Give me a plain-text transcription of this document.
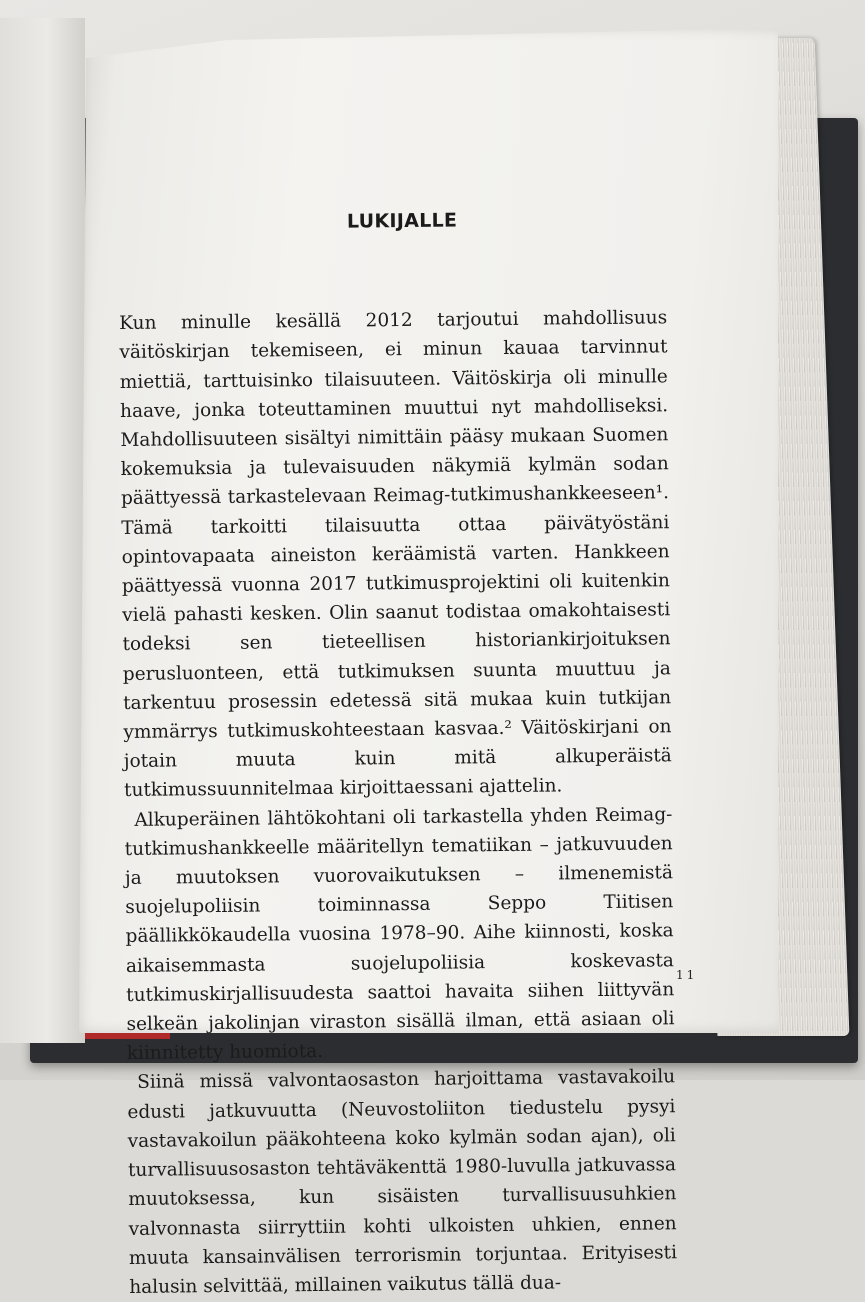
LUKIJALLE

Kun minulle kesällä 2012 tarjoutui mahdollisuus väitöskirjan tekemiseen, ei minun kauaa tarvinnut miettiä, tarttuisinko tilaisuuteen. Väitöskirja oli minulle haave, jonka toteuttaminen muuttui nyt mahdolliseksi. Mahdollisuuteen sisältyi nimittäin pääsy mukaan Suomen kokemuksia ja tulevaisuuden näkymiä kylmän sodan päättyessä tarkastelevaan Reimag-tutkimushankkeeseen¹. Tämä tarkoitti tilaisuutta ottaa päivätyöstäni opintovapaata aineiston keräämistä varten. Hankkeen päättyessä vuonna 2017 tutkimusprojektini oli kuitenkin vielä pahasti kesken. Olin saanut todistaa omakohtaisesti todeksi sen tieteellisen historiankirjoituksen perusluonteen, että tutkimuksen suunta muuttuu ja tarkentuu prosessin edetessä sitä mukaa kuin tutkijan ymmärrys tutkimuskohteestaan kasvaa.² Väitöskirjani on jotain muuta kuin mitä alkuperäistä tutkimussuunnitelmaa kirjoittaessani ajattelin.

Alkuperäinen lähtökohtani oli tarkastella yhden Reimag-tutkimushankkeelle määritellyn tematiikan – jatkuvuuden ja muutoksen vuorovaikutuksen – ilmenemistä suojelupoliisin toiminnassa Seppo Tiitisen päällikkökaudella vuosina 1978–90. Aihe kiinnosti, koska aikaisemmasta suojelupoliisia koskevasta tutkimuskirjallisuudesta saattoi havaita siihen liittyvän selkeän jakolinjan viraston sisällä ilman, että asiaan oli kiinnitetty huomiota.

Siinä missä valvontaosaston harjoittama vastavakoilu edusti jatkuvuutta (Neuvostoliiton tiedustelu pysyi vastavakoilun pääkohteena koko kylmän sodan ajan), oli turvallisuusosaston tehtäväkenttä 1980-luvulla jatkuvassa muutoksessa, kun sisäisten turvallisuusuhkien valvonnasta siirryttiin kohti ulkoisten uhkien, ennen muuta kansainvälisen terrorismin torjuntaa. Erityisesti halusin selvittää, millainen vaikutus tällä dua-

11
